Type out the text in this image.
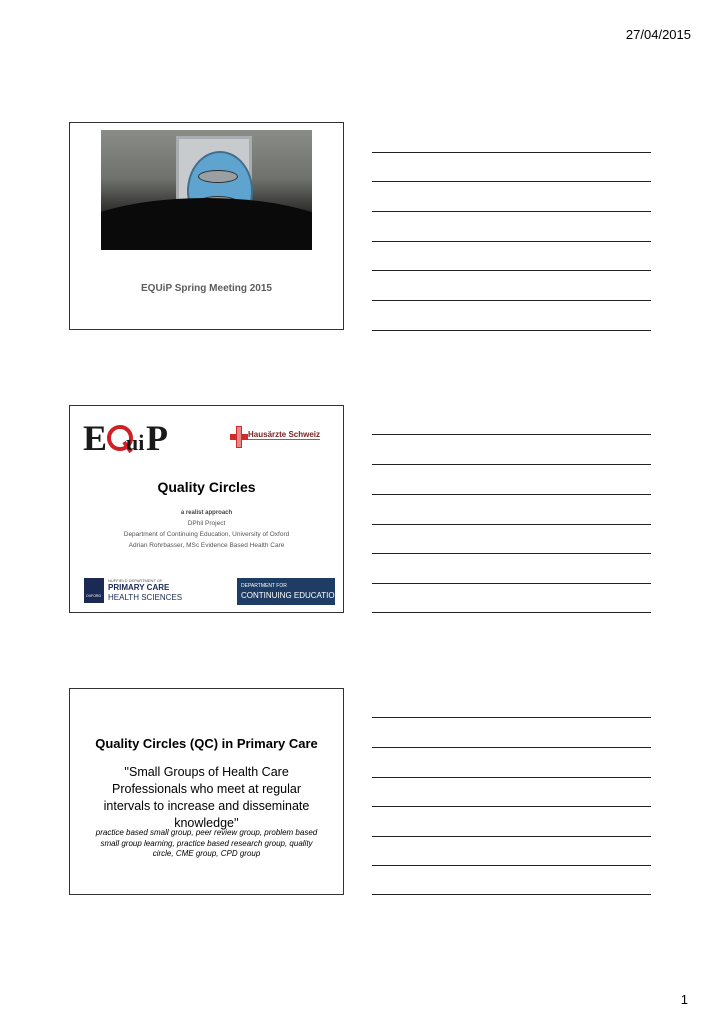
27/04/2015
EQUiP Spring Meeting 2015
E ui P	Hausärzte Schweiz
Quality Circles
a realist approach
DPhil Project
Department of Continuing Education, University of Oxford
Adrian Rohrbasser, MSc Evidence Based Health Care
OXFORD
NUFFIELD DEPARTMENT OF
PRIMARY CARE
HEALTH SCIENCES
DEPARTMENT FOR
CONTINUING EDUCATION
Quality Circles (QC) in Primary Care
''Small Groups of Health Care Professionals who meet at regular intervals to increase and disseminate knowledge''
practice based small group, peer review group, problem based small group learning, practice based research group, quality circle, CME group, CPD group
1
